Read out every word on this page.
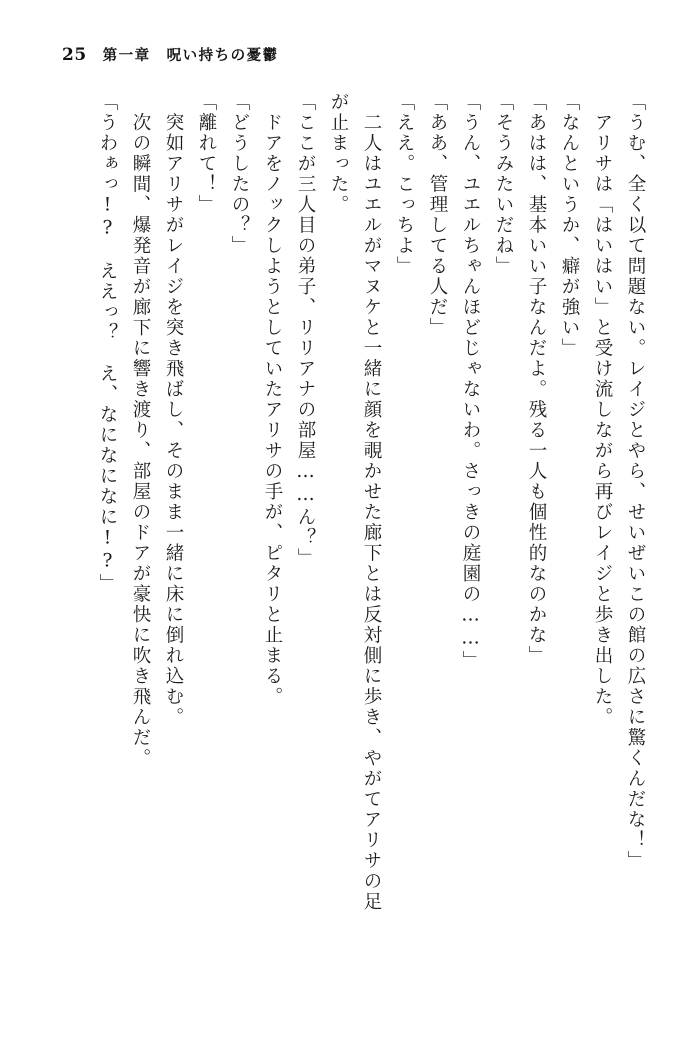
25 第一章　呪い持ちの憂鬱
「うむ、全く以て問題ない。レイジとやら、せいぜいこの館の広さに驚くんだな！」
　アリサは「はいはい」と受け流しながら再びレイジと歩き出した。
「なんというか、癖が強い」
「あはは、基本いい子なんだよ。残る一人も個性的なのかな」
「そうみたいだね」
「うん、ユエルちゃんほどじゃないわ。さっきの庭園の……」
「ああ、管理してる人だ」
「ええ。こっちよ」
　二人はユエルがマヌケと一緒に顔を覗かせた廊下とは反対側に歩き、やがてアリサの足
が止まった。
「ここが三人目の弟子、リリアナの部屋……ん？」
　ドアをノックしようとしていたアリサの手が、ピタリと止まる。
「どうしたの？」
「離れて！」
　突如アリサがレイジを突き飛ばし、そのまま一緒に床に倒れ込む。
　次の瞬間、爆発音が廊下に響き渡り、部屋のドアが豪快に吹き飛んだ。
「うわぁっ!?　ええっ？　え、なになになに!?」
